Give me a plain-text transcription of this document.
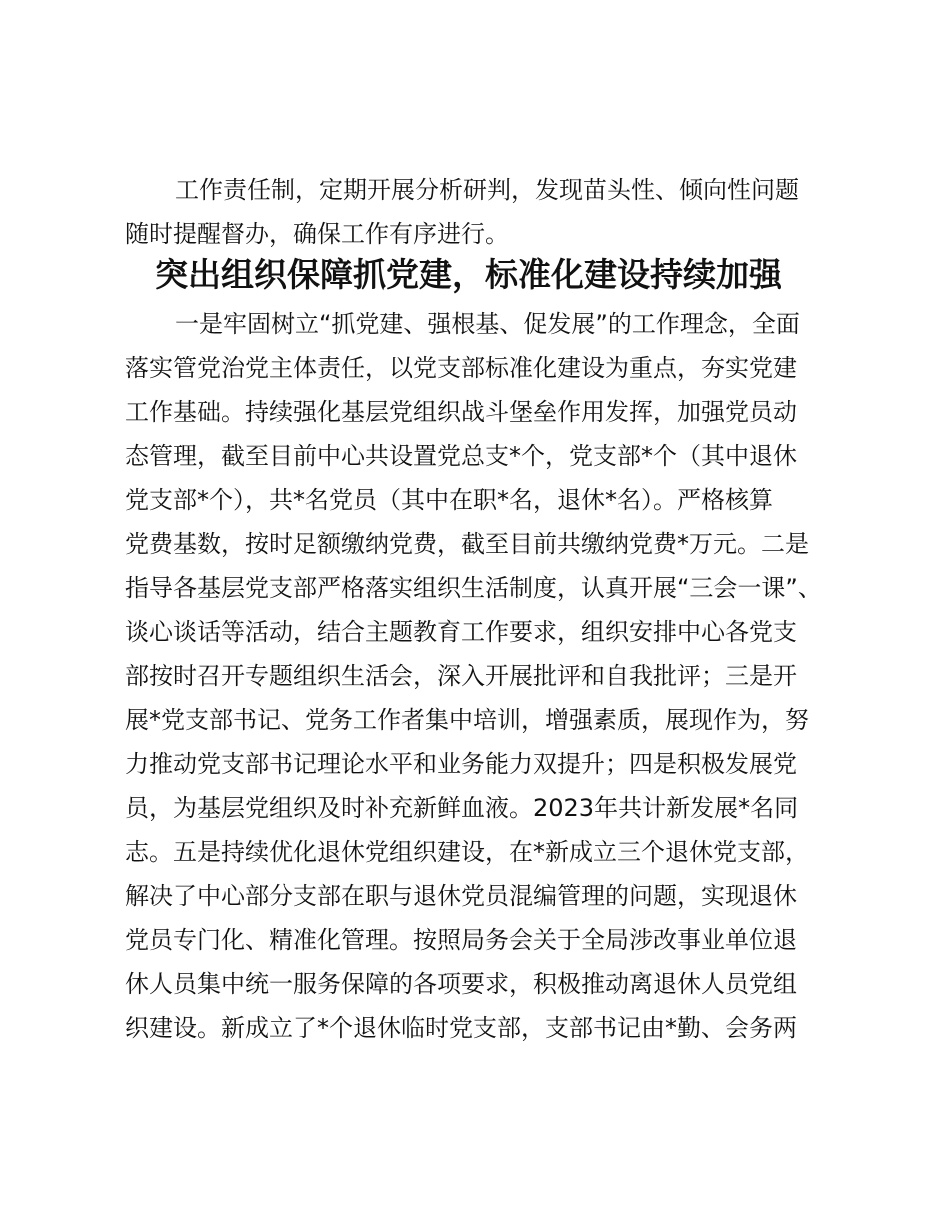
工作责任制，定期开展分析研判，发现苗头性、倾向性问题
随时提醒督办，确保工作有序进行。
突出组织保障抓党建，标准化建设持续加强
一是牢固树立“抓党建、强根基、促发展”的工作理念，全面
落实管党治党主体责任，以党支部标准化建设为重点，夯实党建
工作基础。持续强化基层党组织战斗堡垒作用发挥，加强党员动
态管理，截至目前中心共设置党总支*个，党支部*个（其中退休
党支部*个），共*名党员（其中在职*名，退休*名）。严格核算
党费基数，按时足额缴纳党费，截至目前共缴纳党费*万元。二是
指导各基层党支部严格落实组织生活制度，认真开展“三会一课”、
谈心谈话等活动，结合主题教育工作要求，组织安排中心各党支
部按时召开专题组织生活会，深入开展批评和自我批评；三是开
展*党支部书记、党务工作者集中培训，增强素质，展现作为，努
力推动党支部书记理论水平和业务能力双提升；四是积极发展党
员，为基层党组织及时补充新鲜血液。2023年共计新发展*名同
志。五是持续优化退休党组织建设，在*新成立三个退休党支部，
解决了中心部分支部在职与退休党员混编管理的问题，实现退休
党员专门化、精准化管理。按照局务会关于全局涉改事业单位退
休人员集中统一服务保障的各项要求，积极推动离退休人员党组
织建设。新成立了*个退休临时党支部，支部书记由*勤、会务两
